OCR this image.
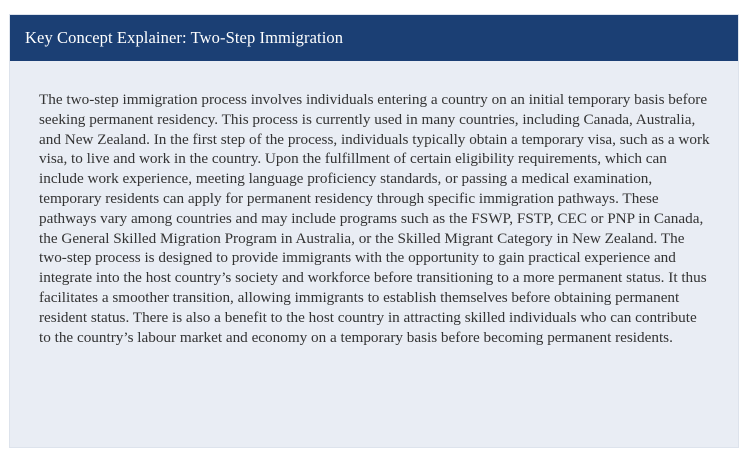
Key Concept Explainer: Two-Step Immigration

The two-step immigration process involves individuals entering a country on an initial temporary basis before seeking permanent residency. This process is currently used in many countries, including Canada, Australia, and New Zealand. In the first step of the process, individuals typically obtain a temporary visa, such as a work visa, to live and work in the country. Upon the fulfillment of certain eligibility requirements, which can include work experience, meeting language proficiency standards, or passing a medical examination, temporary residents can apply for permanent residency through specific immigration pathways. These pathways vary among countries and may include programs such as the FSWP, FSTP, CEC or PNP in Canada, the General Skilled Migration Program in Australia, or the Skilled Migrant Category in New Zealand. The two-step process is designed to provide immigrants with the opportunity to gain practical experience and integrate into the host country’s society and workforce before transitioning to a more permanent status. It thus facilitates a smoother transition, allowing immigrants to establish themselves before obtaining permanent resident status. There is also a benefit to the host country in attracting skilled individuals who can contribute to the country’s labour market and economy on a temporary basis before becoming permanent residents.
